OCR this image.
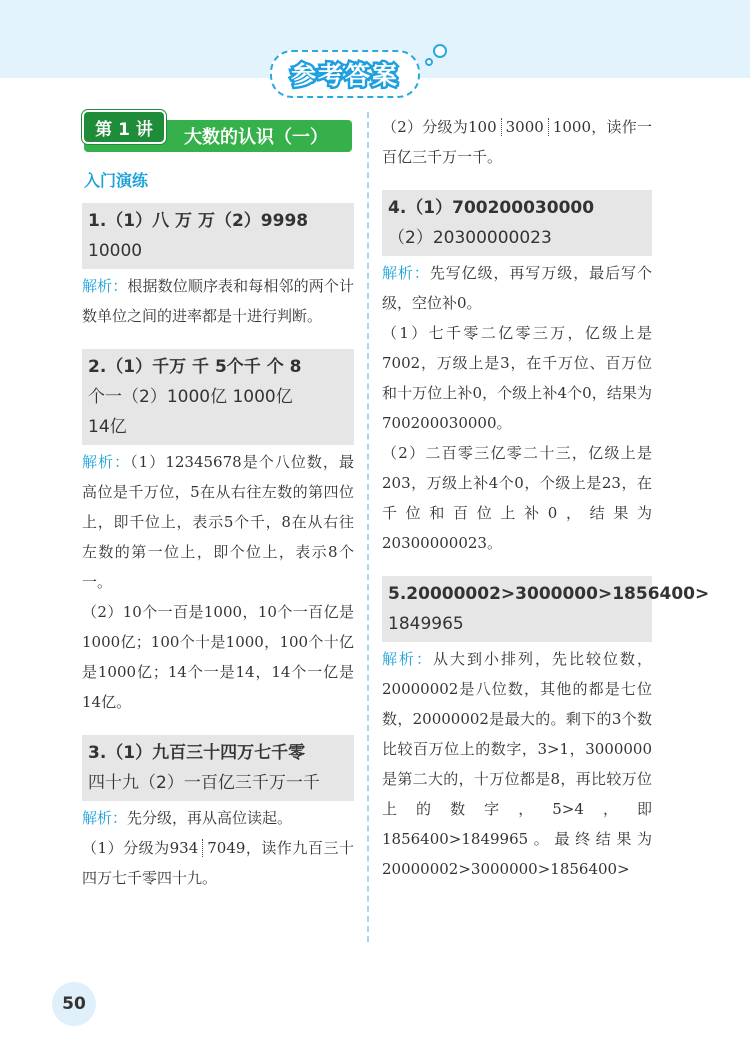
参考答案
第 1 讲	大数的认识（一）
入门演练
1.（1）八 万 万（2）9998
10000

解析：根据数位顺序表和每相邻的两个计数单位之间的进率都是十进行判断。

2.（1）千万 千 5个千 个 8
个一（2）1000亿 1000亿
14亿

解析：（1）12345678是个八位数，最高位是千万位，5在从右往左数的第四位上，即千位上，表示5个千，8在从右往左数的第一位上，即个位上，表示8个一。

（2）10个一百是1000，10个一百亿是1000亿；100个十是1000，100个十亿是1000亿；14个一是14，14个一亿是14亿。

3.（1）九百三十四万七千零
四十九（2）一百亿三千万一千

解析：先分级，再从高位读起。

（1）分级为934 7049，读作九百三十四万七千零四十九。

（2）分级为100 3000 1000，读作一百亿三千万一千。

4.（1）700200030000
（2）20300000023

解析：先写亿级，再写万级，最后写个级，空位补0。

（1）七千零二亿零三万，亿级上是7002，万级上是3，在千万位、百万位和十万位上补0，个级上补4个0，结果为700200030000。

（2）二百零三亿零二十三，亿级上是203，万级上补4个0，个级上是23，在千位和百位上补0，结果为20300000023。

5.20000002>3000000>1856400>
1849965

解析：从大到小排列，先比较位数，20000002是八位数，其他的都是七位数，20000002是最大的。剩下的3个数比较百万位上的数字，3>1，3000000是第二大的，十万位都是8，再比较万位上的数字，5>4，即1856400>1849965。最终结果为20000002>3000000>1856400>

50
